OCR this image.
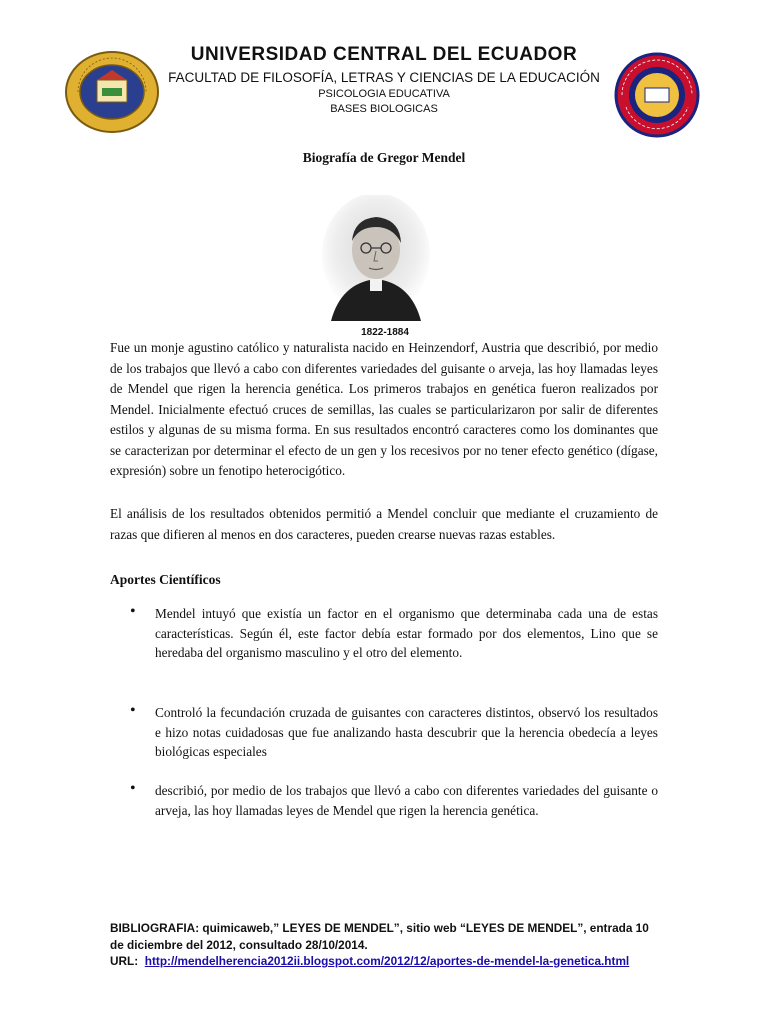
UNIVERSIDAD CENTRAL DEL ECUADOR
FACULTAD DE FILOSOFÍA, LETRAS Y CIENCIAS DE LA EDUCACIÓN
PSICOLOGIA EDUCATIVA
BASES BIOLOGICAS
Biografía de Gregor Mendel
1822-1884
Fue un monje agustino católico y naturalista nacido en Heinzendorf, Austria que describió, por medio de los trabajos que llevó a cabo con diferentes variedades del guisante o arveja, las hoy llamadas leyes de Mendel que rigen la herencia genética. Los primeros trabajos en genética fueron realizados por Mendel. Inicialmente efectuó cruces de semillas, las cuales se particularizaron por salir de diferentes estilos y algunas de su misma forma. En sus resultados encontró caracteres como los dominantes que se caracterizan por determinar el efecto de un gen y los recesivos por no tener efecto genético (dígase, expresión) sobre un fenotipo heterocigótico.
El análisis de los resultados obtenidos permitió a Mendel concluir que mediante el cruzamiento de razas que difieren al menos en dos caracteres, pueden crearse nuevas razas estables.
Aportes Científicos
• Mendel intuyó que existía un factor en el organismo que determinaba cada una de estas características. Según él, este factor debía estar formado por dos elementos, Lino que se heredaba del organismo masculino y el otro del elemento.
• Controló la fecundación cruzada de guisantes con caracteres distintos, observó los resultados e hizo notas cuidadosas que fue analizando hasta descubrir que la herencia obedecía a leyes biológicas especiales
• describió, por medio de los trabajos que llevó a cabo con diferentes variedades del guisante o arveja, las hoy llamadas leyes de Mendel que rigen la herencia genética.
BIBLIOGRAFIA: quimicaweb,” LEYES DE MENDEL”, sitio web “LEYES DE MENDEL”, entrada 10 de diciembre del 2012, consultado 28/10/2014.
URL: http://mendelherencia2012ii.blogspot.com/2012/12/aportes-de-mendel-la-genetica.html
